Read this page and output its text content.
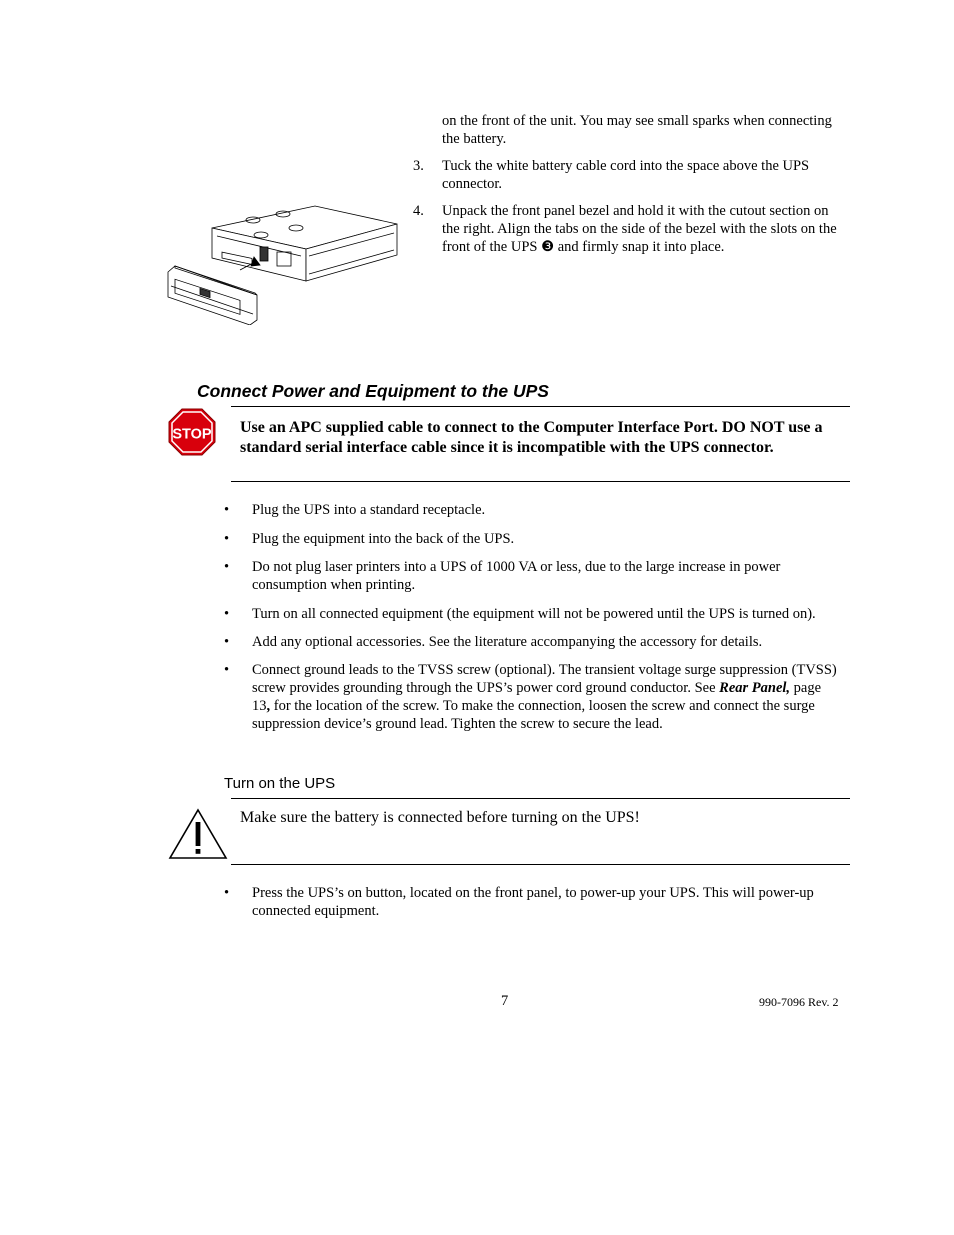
on the front of the unit. You may see small sparks when connecting the battery.
3. Tuck the white battery cable cord into the space above the UPS connector.
4. Unpack the front panel bezel and hold it with the cutout section on the right. Align the tabs on the side of the bezel with the slots on the front of the UPS ❸ and firmly snap it into place.
Connect Power and Equipment to the UPS
STOP Use an APC supplied cable to connect to the Computer Interface Port. DO NOT use a standard serial interface cable since it is incompatible with the UPS connector.
• Plug the UPS into a standard receptacle.
• Plug the equipment into the back of the UPS.
• Do not plug laser printers into a UPS of 1000 VA or less, due to the large increase in power consumption when printing.
• Turn on all connected equipment (the equipment will not be powered until the UPS is turned on).
• Add any optional accessories. See the literature accompanying the accessory for details.
• Connect ground leads to the TVSS screw (optional). The transient voltage surge suppression (TVSS) screw provides grounding through the UPS’s power cord ground conductor. See Rear Panel, page 13, for the location of the screw. To make the connection, loosen the screw and connect the surge suppression device’s ground lead. Tighten the screw to secure the lead.
Turn on the UPS
Make sure the battery is connected before turning on the UPS!
• Press the UPS’s on button, located on the front panel, to power-up your UPS. This will power-up connected equipment.
7	990-7096 Rev. 2
